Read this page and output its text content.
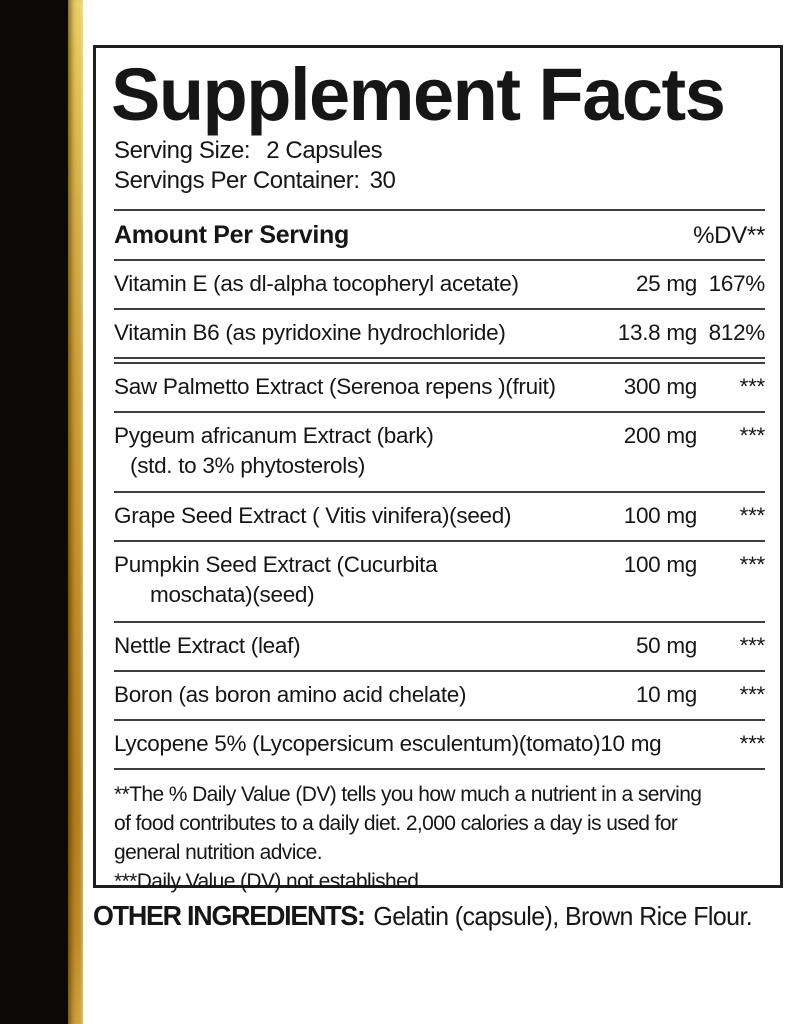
Supplement Facts
Serving Size: 2 Capsules
Servings Per Container: 30
Amount Per Serving	%DV**
Vitamin E (as dl-alpha tocopheryl acetate)	25 mg 167%
Vitamin B6 (as pyridoxine hydrochloride)	13.8 mg 812%
Saw Palmetto Extract (Serenoa repens )(fruit)	300 mg	***
Pygeum africanum Extract (bark)	200 mg	***
(std. to 3% phytosterols)
Grape Seed Extract ( Vitis vinifera)(seed)	100 mg	***
Pumpkin Seed Extract (Cucurbita	100 mg	***
moschata)(seed)
Nettle Extract (leaf)	50 mg	***
Boron (as boron amino acid chelate)	10 mg	***
Lycopene 5% (Lycopersicum esculentum)(tomato) 10 mg	***
**The % Daily Value (DV) tells you how much a nutrient in a serving
of food contributes to a daily diet. 2,000 calories a day is used for
general nutrition advice.
***Daily Value (DV) not established.
OTHER INGREDIENTS: Gelatin (capsule), Brown Rice Flour.
